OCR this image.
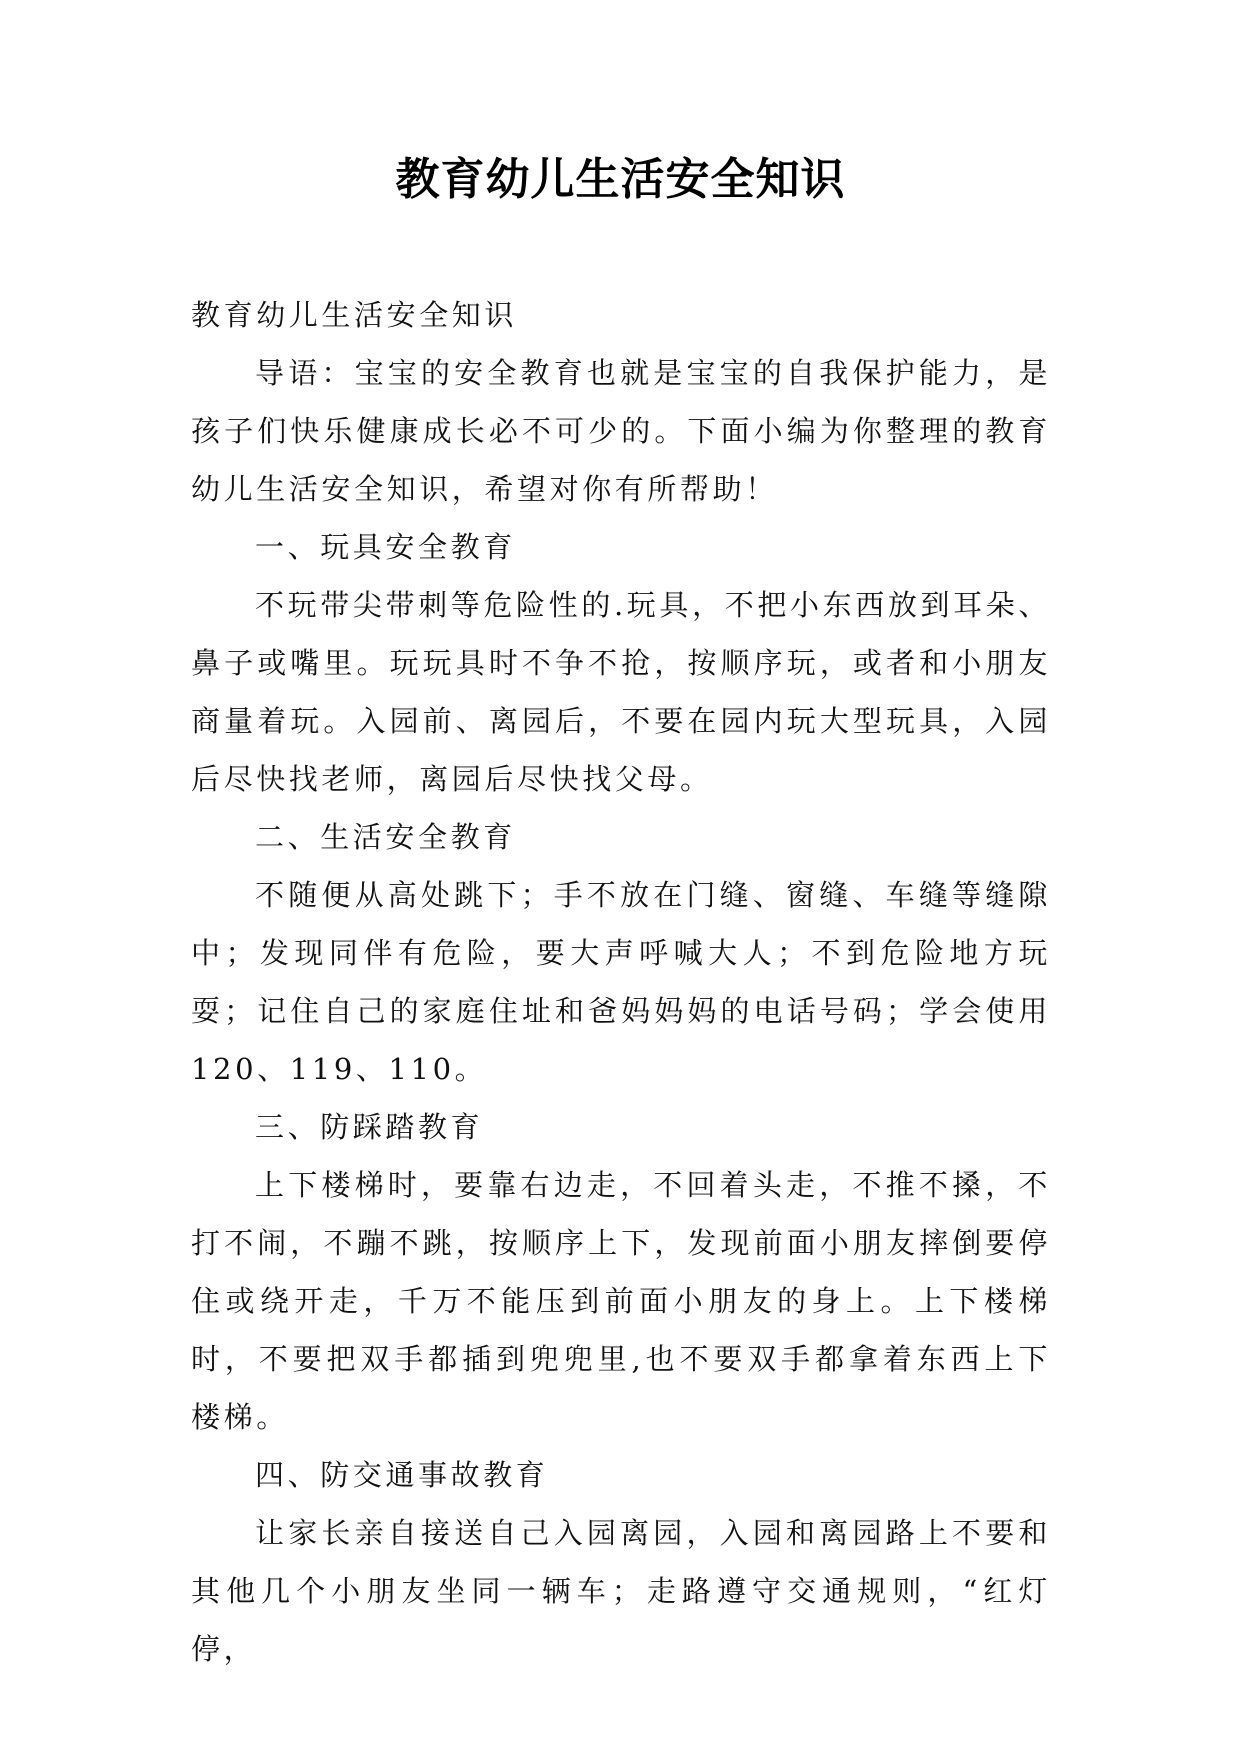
教育幼儿生活安全知识

教育幼儿生活安全知识

导语：宝宝的安全教育也就是宝宝的自我保护能力，是孩子们快乐健康成长必不可少的。下面小编为你整理的教育幼儿生活安全知识，希望对你有所帮助！

一、玩具安全教育

不玩带尖带刺等危险性的.玩具，不把小东西放到耳朵、鼻子或嘴里。玩玩具时不争不抢，按顺序玩，或者和小朋友商量着玩。入园前、离园后，不要在园内玩大型玩具，入园后尽快找老师，离园后尽快找父母。

二、生活安全教育

不随便从高处跳下；手不放在门缝、窗缝、车缝等缝隙中；发现同伴有危险，要大声呼喊大人；不到危险地方玩耍；记住自己的家庭住址和爸妈妈妈的电话号码；学会使用 120、119、110。

三、防踩踏教育

上下楼梯时，要靠右边走，不回着头走，不推不搡，不打不闹，不蹦不跳，按顺序上下，发现前面小朋友摔倒要停住或绕开走，千万不能压到前面小朋友的身上。上下楼梯时，不要把双手都插到兜兜里,也不要双手都拿着东西上下楼梯。

四、防交通事故教育

让家长亲自接送自己入园离园，入园和离园路上不要和其他几个小朋友坐同一辆车；走路遵守交通规则，“红灯停，
